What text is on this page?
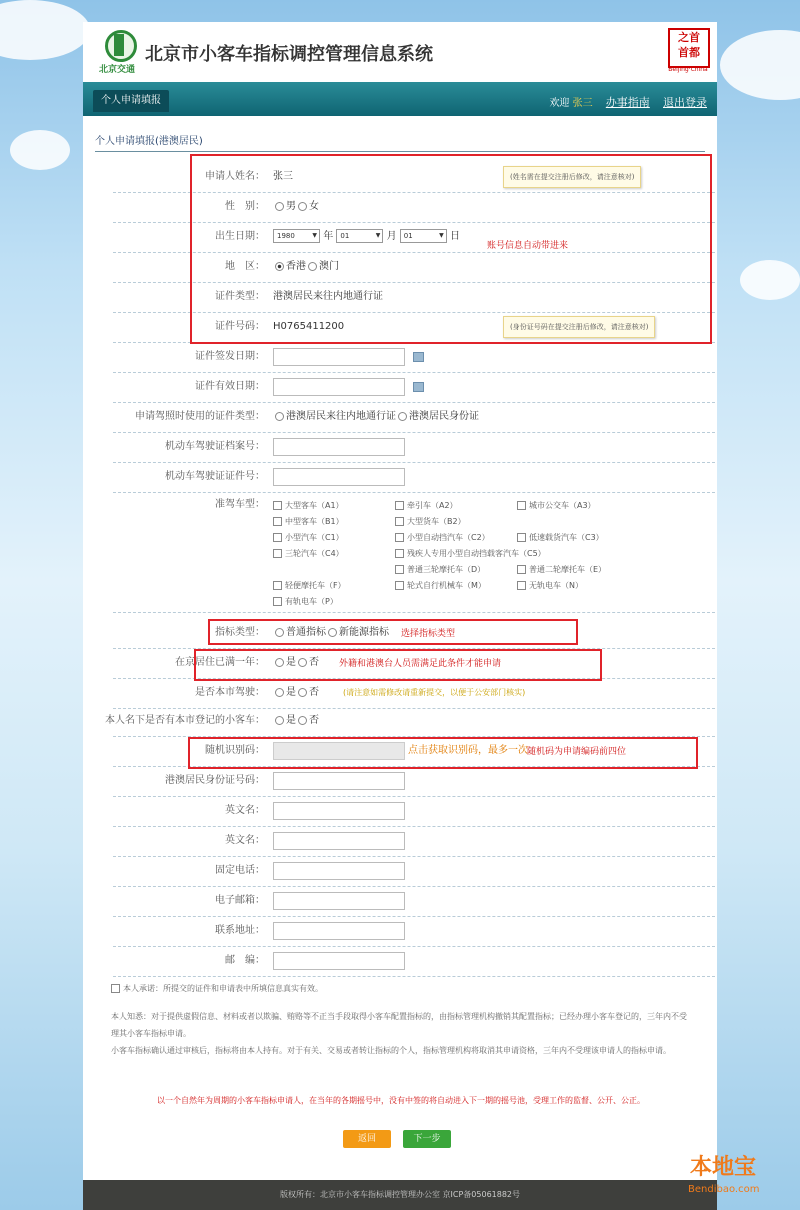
北京交通
北京市小客车指标调控管理信息系统
之首
首都
Beijing·China
个人申请填报	欢迎 张三 办事指南 退出登录
个人申请填报(港澳居民)
申请人姓名： 张三	(姓名需在提交注册后修改，请注意核对)
性　别：	男 女
出生日期：	1980 ▼	年 01 ▼	月 01 ▼	日
地　区：	香港 澳门
证件类型： 港澳居民来往内地通行证
证件号码： H0765411200	(身份证号码在提交注册后修改，请注意核对)
账号信息自动带进来
证件签发日期：
证件有效日期：
申请驾照时使用的证件类型：	港澳居民来往内地通行证 港澳居民身份证
机动车驾驶证档案号：
机动车驾驶证证件号：
准驾车型：	大型客车（A1）	牵引车（A2）	城市公交车（A3）
中型客车（B1）	大型货车（B2）
小型汽车（C1）	小型自动挡汽车（C2）	低速载货汽车（C3）
三轮汽车（C4）	残疾人专用小型自动挡载客汽车（C5）
普通三轮摩托车（D）	普通二轮摩托车（E）
轻便摩托车（F）	轮式自行机械车（M）	无轨电车（N）
有轨电车（P）
指标类型：	普通指标 新能源指标 选择指标类型
在京居住已满一年：	是 否 外籍和港澳台人员需满足此条件才能申请
是否本市驾驶：	是 否	(请注意如需修改请重新提交，以便于公安部门核实)
本人名下是否有本市登记的小客车：	是 否
随机识别码：	点击获取识别码，最多一次 随机码为申请编码前四位
港澳居民身份证号码：
英文名：
英文名：
固定电话：
电子邮箱：
联系地址：
邮　编：
本人承诺：所提交的证件和申请表中所填信息真实有效。
本人知悉：对于提供虚假信息、材料或者以欺骗、贿赂等不正当手段取得小客车配置指标的，由指标管理机构撤销其配置指标；已经办理小客车登记的，三年内不受理其小客车指标申请。
小客车指标确认通过审核后，指标将由本人持有。对于有关、交易或者转让指标的个人，指标管理机构将取消其申请资格，三年内不受理该申请人的指标申请。
以一个自然年为周期的小客车指标申请人，在当年的各期摇号中，没有中签的将自动进入下一期的摇号池，受理工作的监督、公开、公正。
返回	下一步
版权所有：北京市小客车指标调控管理办公室 京ICP备05061882号
本地宝
Bendibao.com
